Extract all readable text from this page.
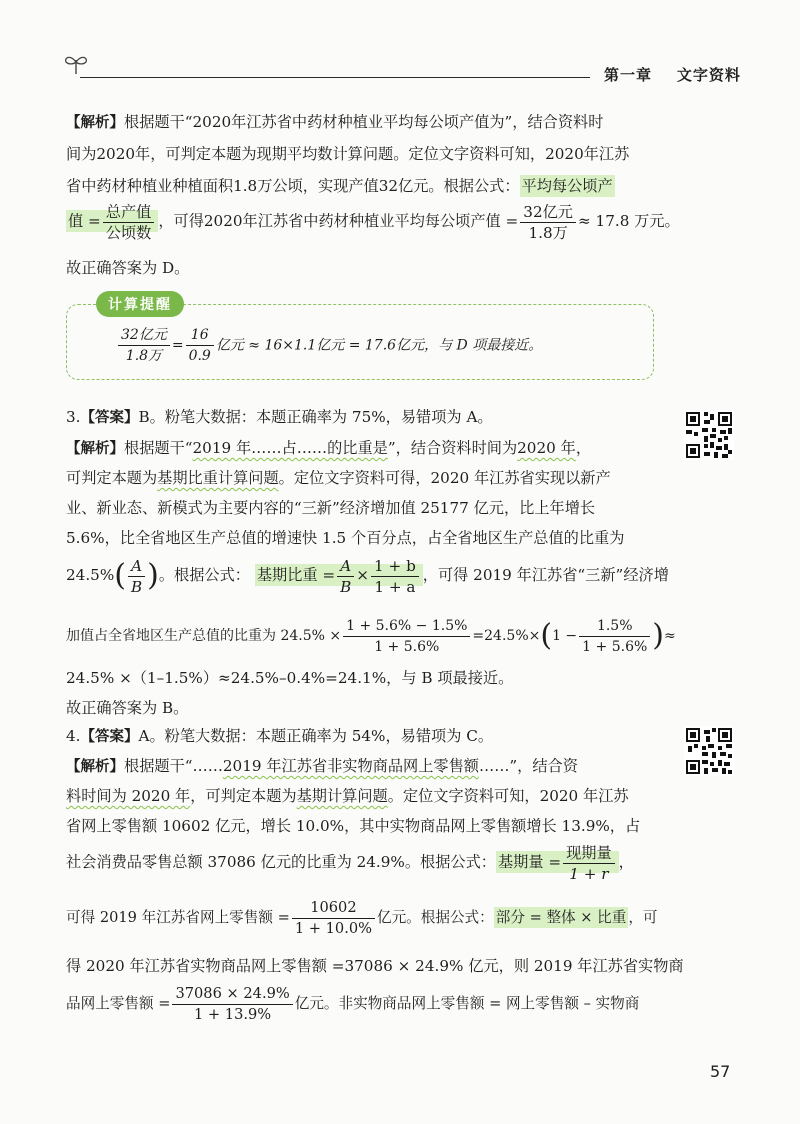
第一章 文字资料
【解析】根据题干“2020年江苏省中药材种植业平均每公顷产值为”，结合资料时
间为2020年，可判定本题为现期平均数计算问题。定位文字资料可知，2020年江苏
省中药材种植业种植面积1.8万公顷，实现产值32亿元。根据公式： 平均每公顷产
值 = $\frac{\text{总产值}}{\text{公顷数}}$ ，可得2020年江苏省中药材种植业平均每公顷产值 = $\frac{\text{32亿元}}{\text{1.8万}} \approx 17.8$ 万元。
故正确答案为 D。
计算提醒
$\frac{\text{32亿元}}{\text{1.8万}} = \frac{16}{0.9}$ 亿元 ≈ 16×1.1亿元 = 17.6亿元，与 D 项最接近。
3.【答案】B。粉笔大数据：本题正确率为 75%，易错项为 A。
【解析】根据题干“2019 年……占……的比重是”，结合资料时间为2020 年，
可判定本题为基期比重计算问题。定位文字资料可得，2020 年江苏省实现以新产
业、新业态、新模式为主要内容的“三新”经济增加值 25177 亿元，比上年增长
5.6%，比全省地区生产总值的增速快 1.5 个百分点，占全省地区生产总值的比重为
$24.5\%( \frac{A}{B}$ )。根据公式： 基期比重 = $\frac{A}{B} \times \frac{1 + b}{1 + a}$ ，可得 2019 年江苏省“三新”经济增
加值占全省地区生产总值的比重为 $24.5\% \times \frac{1 + 5.6\% - 1.5\%}{1 + 5.6\%} =24.5\%\times(1 - \frac{1.5\%}{1 + 5.6\%}$ )≈
24.5% ×（1–1.5%）≈24.5%–0.4%=24.1%，与 B 项最接近。
故正确答案为 B。
4.【答案】A。粉笔大数据：本题正确率为 54%，易错项为 C。
【解析】根据题干“……2019 年江苏省非实物商品网上零售额……”，结合资
料时间为 2020 年，可判定本题为基期计算问题。定位文字资料可知，2020 年江苏
省网上零售额 10602 亿元，增长 10.0%，其中实物商品网上零售额增长 13.9%，占
社会消费品零售总额 37086 亿元的比重为 24.9%。根据公式： 基期量 = $\frac{\text{现期量}}{1 + r}$ ，
可得 2019 年江苏省网上零售额 = $\frac{10602}{1 + 10.0\%}$ 亿元。根据公式： 部分 = 整体 × 比重 ，可
得 2020 年江苏省实物商品网上零售额 =37086 × 24.9% 亿元，则 2019 年江苏省实物商
品网上零售额 = $\frac{37086 \times 24.9\%}{1 + 13.9\%}$ 亿元。非实物商品网上零售额 = 网上零售额 – 实物商
57
